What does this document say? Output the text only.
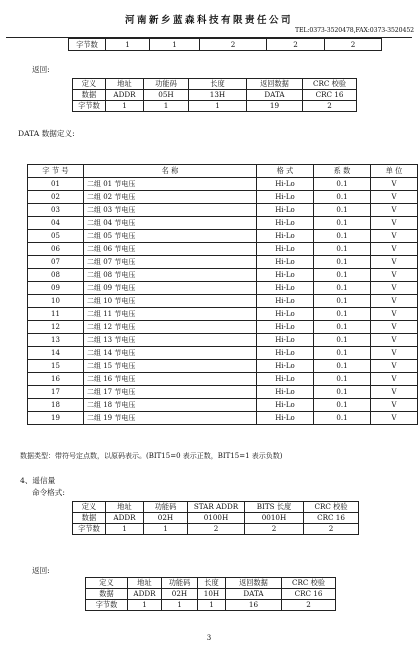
河南新乡蓝森科技有限责任公司
TEL:0373-3520478,FAX:0373-3520452
字节数	1	1	2	2	2
返回:
定义	地址	功能码	长度	返回数据	CRC 校验
数据	ADDR	05H	13H	DATA	CRC 16
字节数	1	1	1	19	2
DATA 数据定义:
字 节 号	名 称	格 式	系 数	单 位
01	二组 01 节电压	Hi-Lo	0.1	V
02	二组 02 节电压	Hi-Lo	0.1	V
03	二组 03 节电压	Hi-Lo	0.1	V
04	二组 04 节电压	Hi-Lo	0.1	V
05	二组 05 节电压	Hi-Lo	0.1	V
06	二组 06 节电压	Hi-Lo	0.1	V
07	二组 07 节电压	Hi-Lo	0.1	V
08	二组 08 节电压	Hi-Lo	0.1	V
09	二组 09 节电压	Hi-Lo	0.1	V
10	二组 10 节电压	Hi-Lo	0.1	V
11	二组 11 节电压	Hi-Lo	0.1	V
12	二组 12 节电压	Hi-Lo	0.1	V
13	二组 13 节电压	Hi-Lo	0.1	V
14	二组 14 节电压	Hi-Lo	0.1	V
15	二组 15 节电压	Hi-Lo	0.1	V
16	二组 16 节电压	Hi-Lo	0.1	V
17	二组 17 节电压	Hi-Lo	0.1	V
18	二组 18 节电压	Hi-Lo	0.1	V
19	二组 19 节电压	Hi-Lo	0.1	V
数据类型：带符号定点数，以原码表示。(BIT15=0 表示正数，BIT15=1 表示负数)
4、遥信量
命令格式:
定义	地址	功能码	STAR ADDR	BITS 长度	CRC 校验
数据	ADDR	02H	0100H	0010H	CRC 16
字节数	1	1	2	2	2
返回:
定义	地址	功能码	长度	返回数据	CRC 校验
数据	ADDR	02H	10H	DATA	CRC 16
字节数	1	1	1	16	2
3
